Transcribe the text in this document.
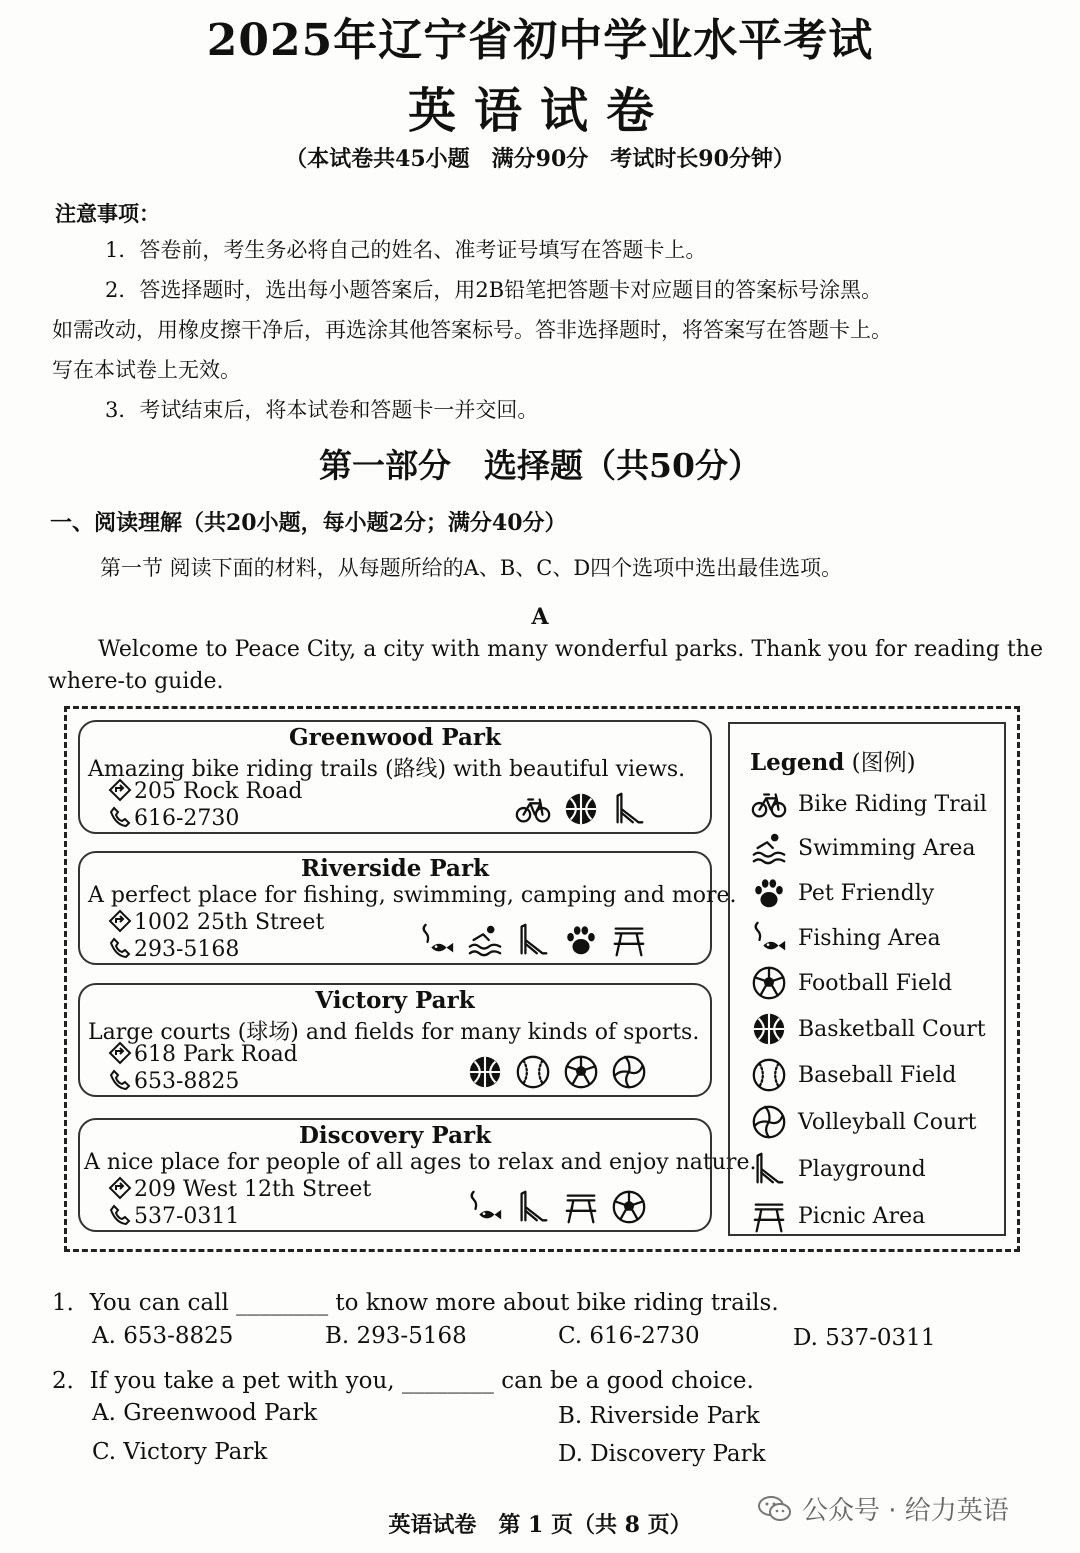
2025年辽宁省初中学业水平考试
英语试卷
（本试卷共45小题　满分90分　考试时长90分钟）
注意事项：
1．答卷前，考生务必将自己的姓名、准考证号填写在答题卡上。
2．答选择题时，选出每小题答案后，用2B铅笔把答题卡对应题目的答案标号涂黑。
如需改动，用橡皮擦干净后，再选涂其他答案标号。答非选择题时，将答案写在答题卡上。
写在本试卷上无效。
3．考试结束后，将本试卷和答题卡一并交回。
第一部分　选择题（共50分）
一、阅读理解（共20小题，每小题2分；满分40分）
第一节 阅读下面的材料，从每题所给的A、B、C、D四个选项中选出最佳选项。
A
Welcome to Peace City, a city with many wonderful parks. Thank you for reading the where-to guide.
Greenwood Park
Amazing bike riding trails (路线) with beautiful views.
205 Rock Road
616-2730
Riverside Park
A perfect place for fishing, swimming, camping and more.
1002 25th Street
293-5168
Victory Park
Large courts (球场) and fields for many kinds of sports.
618 Park Road
653-8825
Discovery Park
A nice place for people of all ages to relax and enjoy nature.
209 West 12th Street
537-0311
Legend (图例)
Bike Riding Trail
Swimming Area
Pet Friendly
Fishing Area
Football Field
Basketball Court
Baseball Field
Volleyball Court
Playground
Picnic Area
1．You can call ________ to know more about bike riding trails.
A. 653-8825	B. 293-5168	C. 616-2730	D. 537-0311
2．If you take a pet with you, ________ can be a good choice.
A. Greenwood Park	B. Riverside Park
C. Victory Park	D. Discovery Park
英语试卷　第 1 页（共 8 页）	公众号 · 给力英语
